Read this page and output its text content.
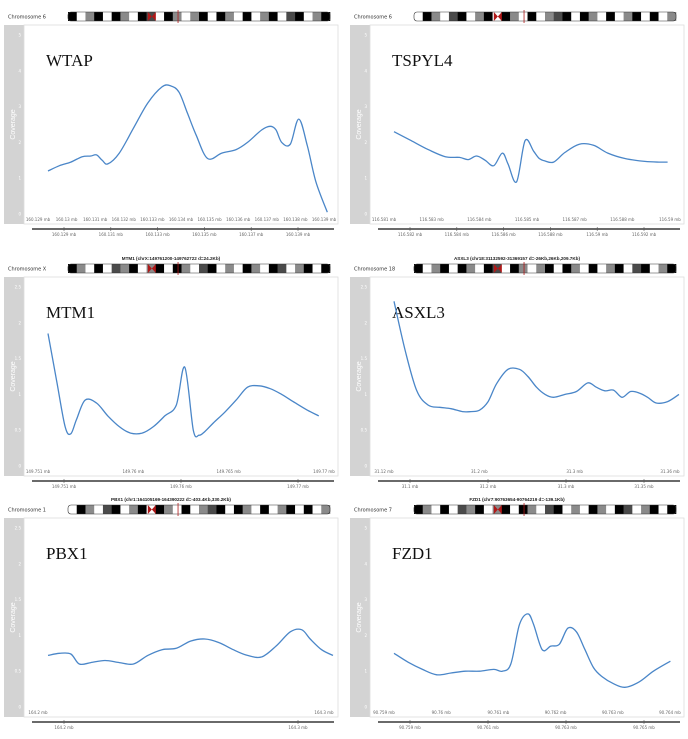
Chromosome 6
Coverage
0
1
2
3
4
5
WTAP
160.129 mb 160.13 mb 160.131 mb 160.132 mb 160.133 mb 160.134 mb 160.135 mb 160.136 mb 160.137 mb 160.138 mb 160.139 mb
160.129 mb	160.131 mb	160.133 mb	160.135 mb	160.137 mb	160.139 mb
Chromosome 6
Coverage
0
1
2
3
4
5
TSPYL4
116.581 mb	116.583 mb	116.584 mb	116.585 mb	116.587 mb	116.588 mb	116.59 mb
116.582 mb	116.584 mb	116.586 mb	116.588 mb	116.59 mb	116.592 mb
MTM1 (chrX:149761200-149762722 d=24.2Kb)
Chromosome X
Coverage
0
0.5
1
1.5
2
2.5
MTM1
149.751 mb	149.76 mb	149.765 mb	149.77 mb
149.751 mb	149.76 mb	149.77 mb
ASXL3 (chr18:31132592-31369157 d=-26Kb,26Kb,209.7Kb)
Chromosome 18
Coverage
0
0.5
1
1.5
2
2.5
ASXL3
31.12 mb	31.2 mb	31.3 mb	31.36 mb
31.1 mb	31.2 mb	31.3 mb	31.35 mb
PBX1 (chr1:164105169-164390222 d=-403.4Kb,330.2Kb)
Chromosome 1
Coverage
0
0.5
1
1.5
2
2.5
PBX1
164.2 mb	164.3 mb
164.2 mb	164.3 mb
FZD1 (chr7:90763654-90764219 d=-139.1Kb)
Chromosome 7
Coverage
0
1
2
3
4
5
FZD1
90.759 mb	90.76 mb	90.761 mb	90.762 mb	90.763 mb	90.764 mb
90.759 mb	90.761 mb	90.763 mb	90.765 mb
